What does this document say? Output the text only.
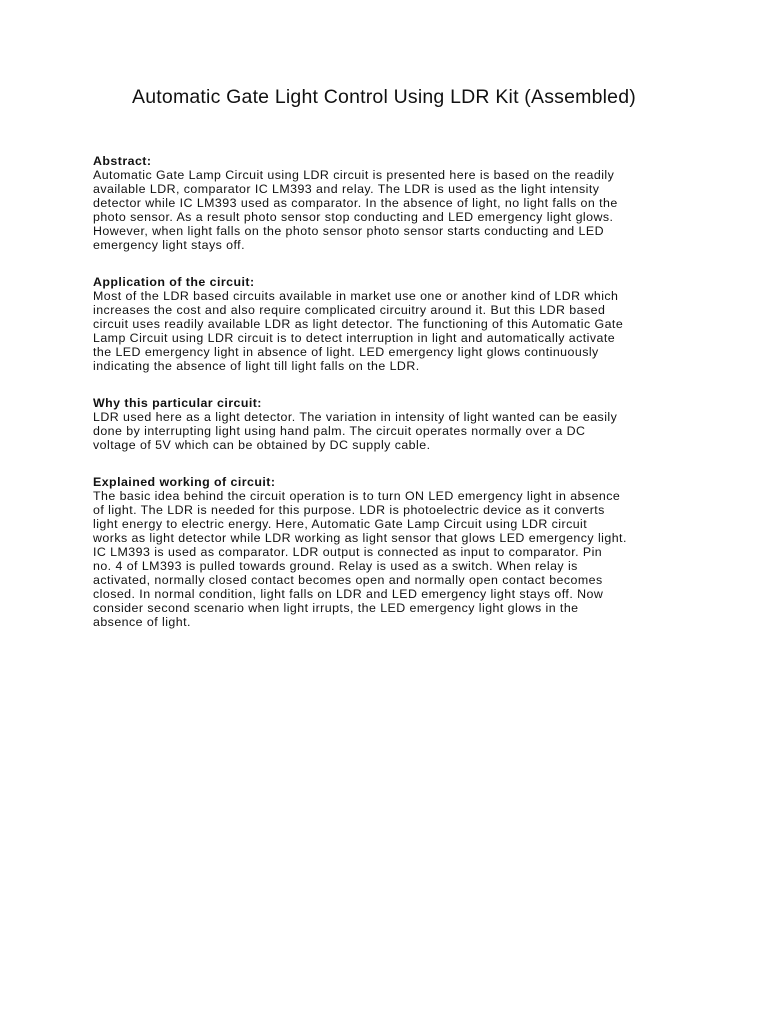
Automatic Gate Light Control Using LDR Kit (Assembled)
Abstract:
Automatic Gate Lamp Circuit using LDR circuit is presented here is based on the readily
available LDR, comparator IC LM393 and relay. The LDR is used as the light intensity
detector while IC LM393 used as comparator. In the absence of light, no light falls on the
photo sensor. As a result photo sensor stop conducting and LED emergency light glows.
However, when light falls on the photo sensor photo sensor starts conducting and LED
emergency light stays off.
Application of the circuit:
Most of the LDR based circuits available in market use one or another kind of LDR which
increases the cost and also require complicated circuitry around it. But this LDR based
circuit uses readily available LDR as light detector. The functioning of this Automatic Gate
Lamp Circuit using LDR circuit is to detect interruption in light and automatically activate
the LED emergency light in absence of light. LED emergency light glows continuously
indicating the absence of light till light falls on the LDR.
Why this particular circuit:
LDR used here as a light detector. The variation in intensity of light wanted can be easily
done by interrupting light using hand palm. The circuit operates normally over a DC
voltage of 5V which can be obtained by DC supply cable.
Explained working of circuit:
The basic idea behind the circuit operation is to turn ON LED emergency light in absence
of light. The LDR is needed for this purpose. LDR is photoelectric device as it converts
light energy to electric energy. Here, Automatic Gate Lamp Circuit using LDR circuit
works as light detector while LDR working as light sensor that glows LED emergency light.
IC LM393 is used as comparator. LDR output is connected as input to comparator. Pin
no. 4 of LM393 is pulled towards ground. Relay is used as a switch. When relay is
activated, normally closed contact becomes open and normally open contact becomes
closed. In normal condition, light falls on LDR and LED emergency light stays off. Now
consider second scenario when light irrupts, the LED emergency light glows in the
absence of light.
